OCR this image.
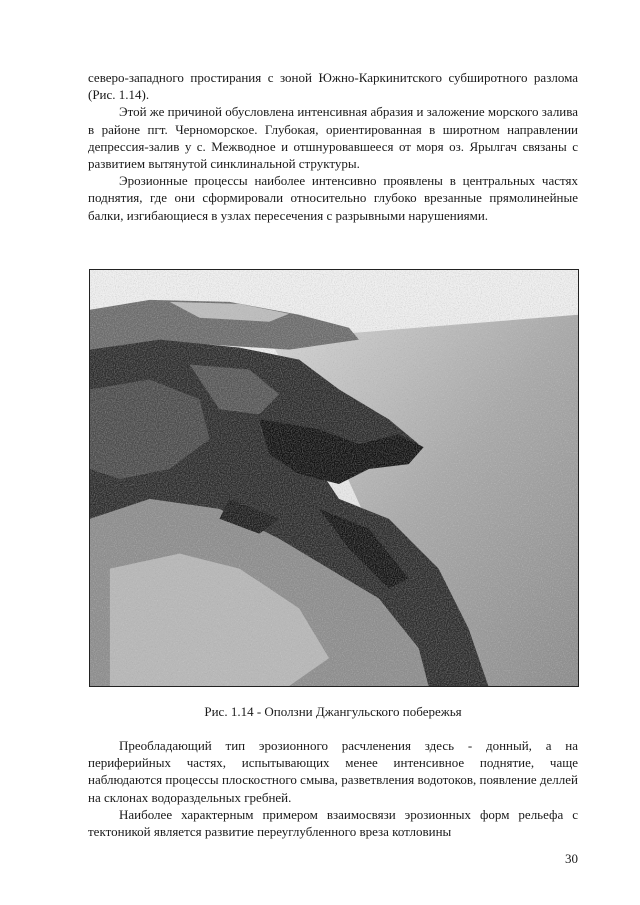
северо-западного простирания с зоной Южно-Каркинитского субширотного разлома (Рис. 1.14).

Этой же причиной обусловлена интенсивная абразия и заложение морского залива в районе пгт. Черноморское. Глубокая, ориентированная в широтном направлении депрессия-залив у с. Межводное и отшнуровавшееся от моря оз. Ярылгач связаны с развитием вытянутой синклинальной структуры.

Эрозионные процессы наиболее интенсивно проявлены в центральных частях поднятия, где они сформировали относительно глубоко врезанные прямолинейные балки, изгибающиеся в узлах пересечения с разрывными нарушениями.

Рис. 1.14 - Оползни Джангульского побережья

Преобладающий тип эрозионного расчленения здесь - донный, а на периферийных частях, испытывающих менее интенсивное поднятие, чаще наблюдаются процессы плоскостного смыва, разветвления водотоков, появление деллей на склонах водораздельных гребней.

Наиболее характерным примером взаимосвязи эрозионных форм рельефа с тектоникой является развитие переуглубленного вреза котловины

30
